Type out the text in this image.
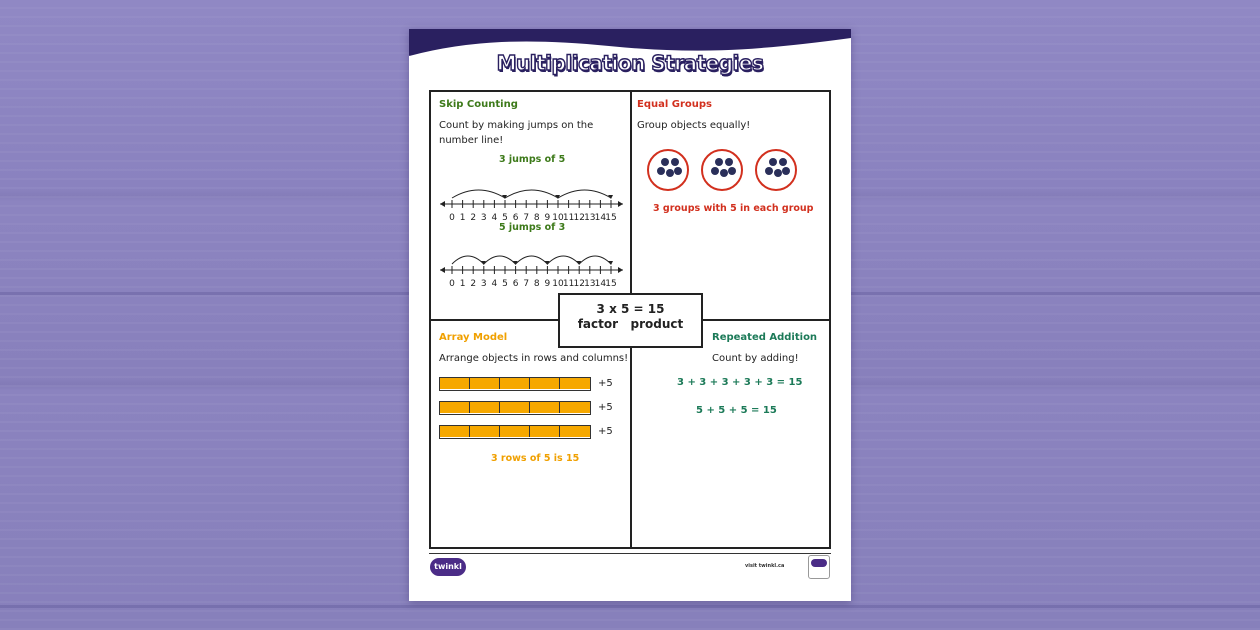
Multiplication Strategies
Skip Counting
Count by making jumps on the
number line!
3 jumps of 5
0 1 2 3 4 5 6 7 8 9 10 11 12 13 14 15
5 jumps of 3
0 1 2 3 4 5 6 7 8 9 10 11 12 13 14 15
Equal Groups
Group objects equally!
3 groups with 5 in each group
Array Model
Arrange objects in rows and columns!
+5
+5
+5
3 rows of 5 is 15
Repeated Addition
Count by adding!
3 + 3 + 3 + 3 + 3 = 15
5 + 5 + 5 = 15
3 x 5 = 15
factor   product
twinkl	visit twinkl.ca
